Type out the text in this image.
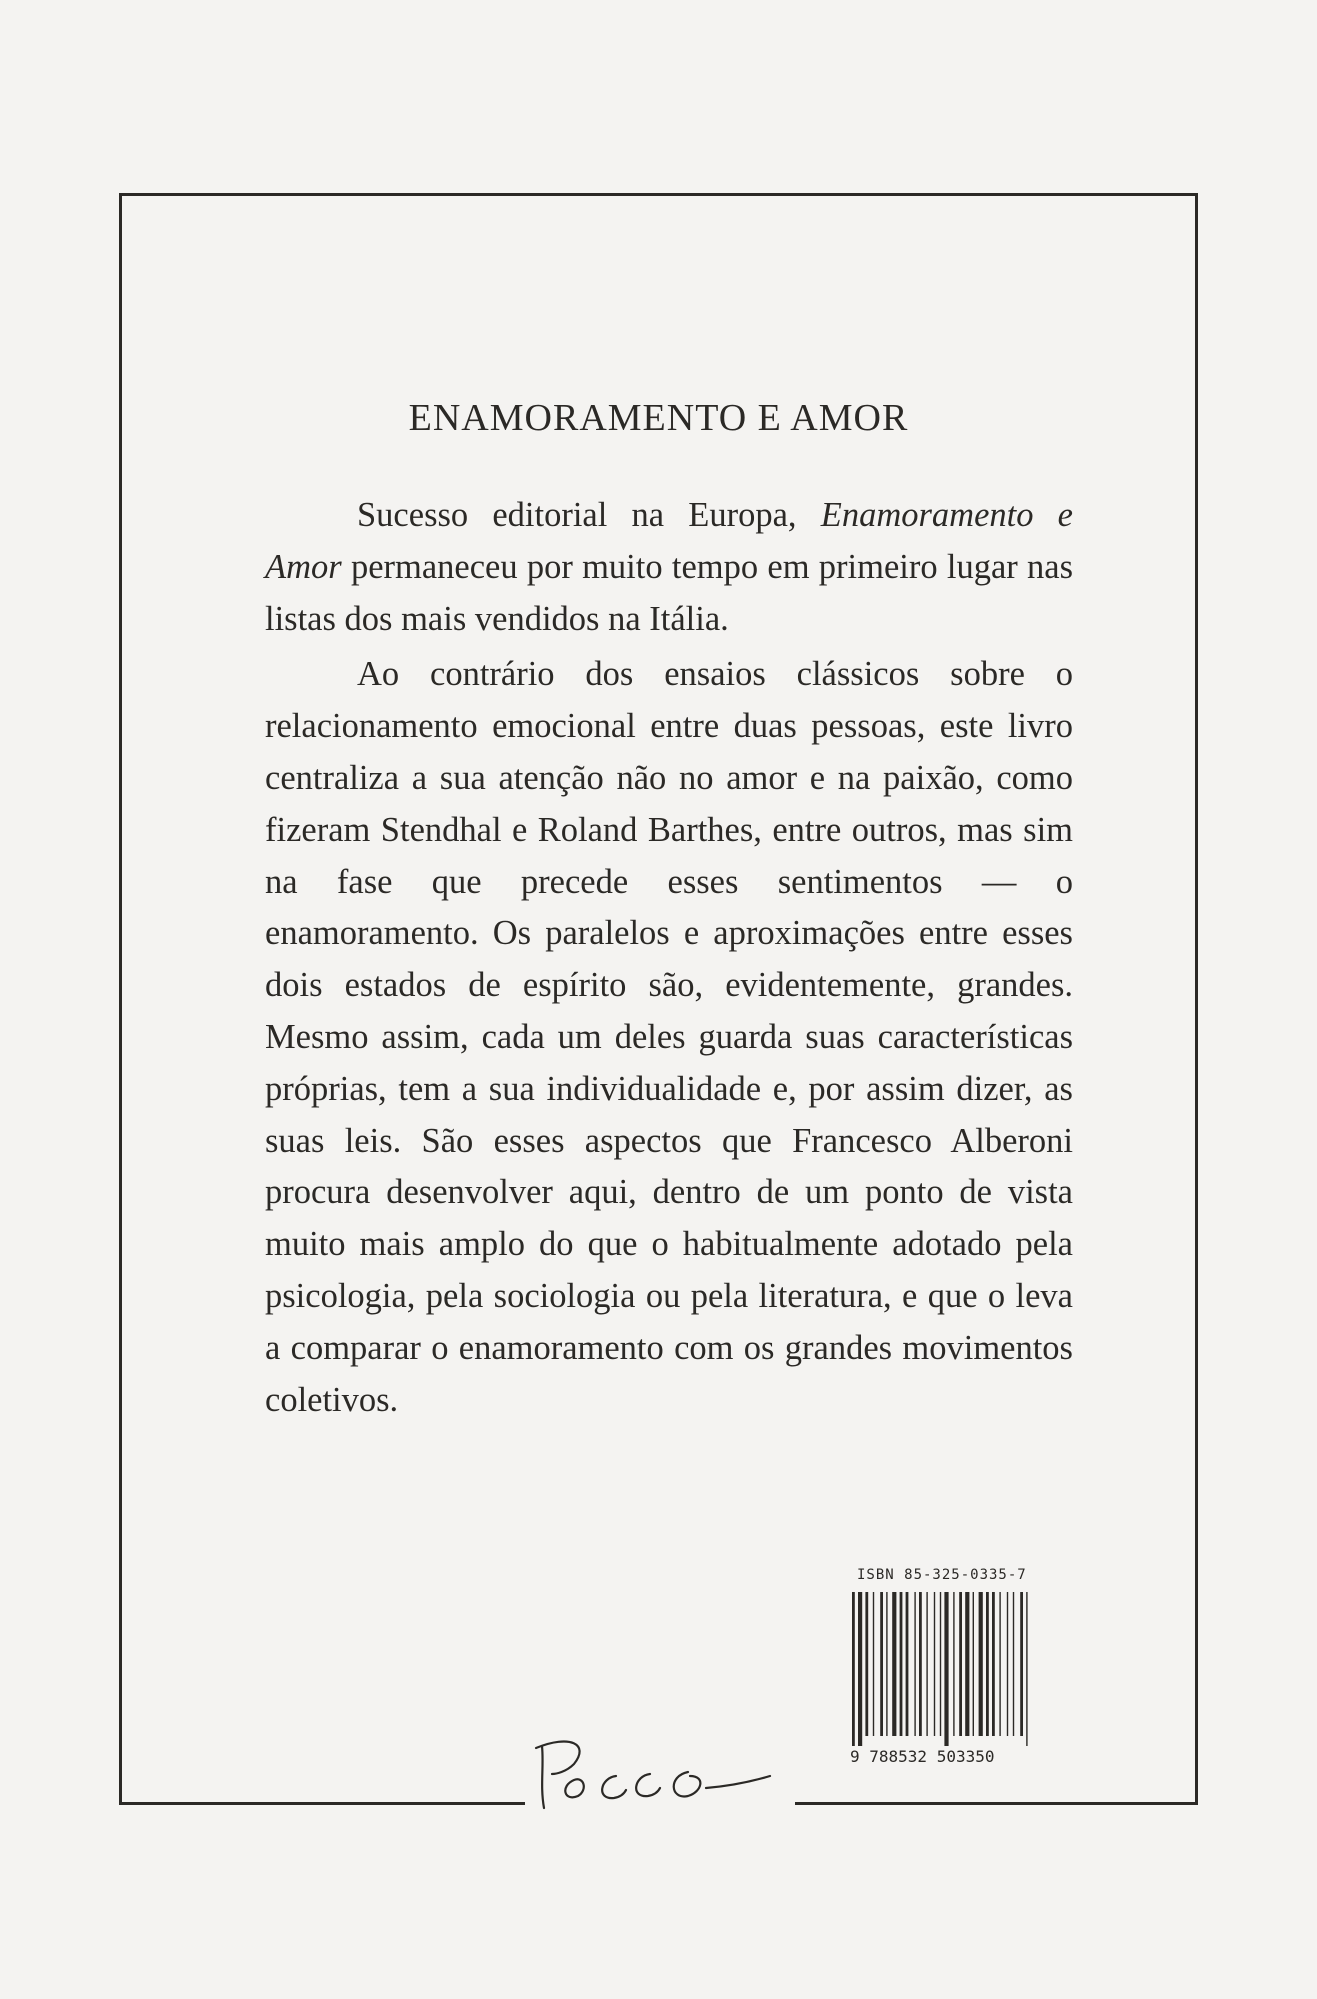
ENAMORAMENTO E AMOR

Sucesso editorial na Europa, Enamoramento e Amor permaneceu por muito tempo em primeiro lugar nas listas dos mais vendidos na Itália.

Ao contrário dos ensaios clássicos sobre o relacionamento emocional entre duas pessoas, este livro centraliza a sua atenção não no amor e na paixão, como fizeram Stendhal e Roland Barthes, entre outros, mas sim na fase que precede esses sentimentos — o enamoramento. Os paralelos e aproximações entre esses dois estados de espírito são, evidentemente, grandes. Mesmo assim, cada um deles guarda suas características próprias, tem a sua individualidade e, por assim dizer, as suas leis. São esses aspectos que Francesco Alberoni procura desenvolver aqui, dentro de um ponto de vista muito mais amplo do que o habitualmente adotado pela psicologia, pela sociologia ou pela literatura, e que o leva a comparar o enamoramento com os grandes movimentos coletivos.

ISBN 85-325-0335-7
9 788532 503350
